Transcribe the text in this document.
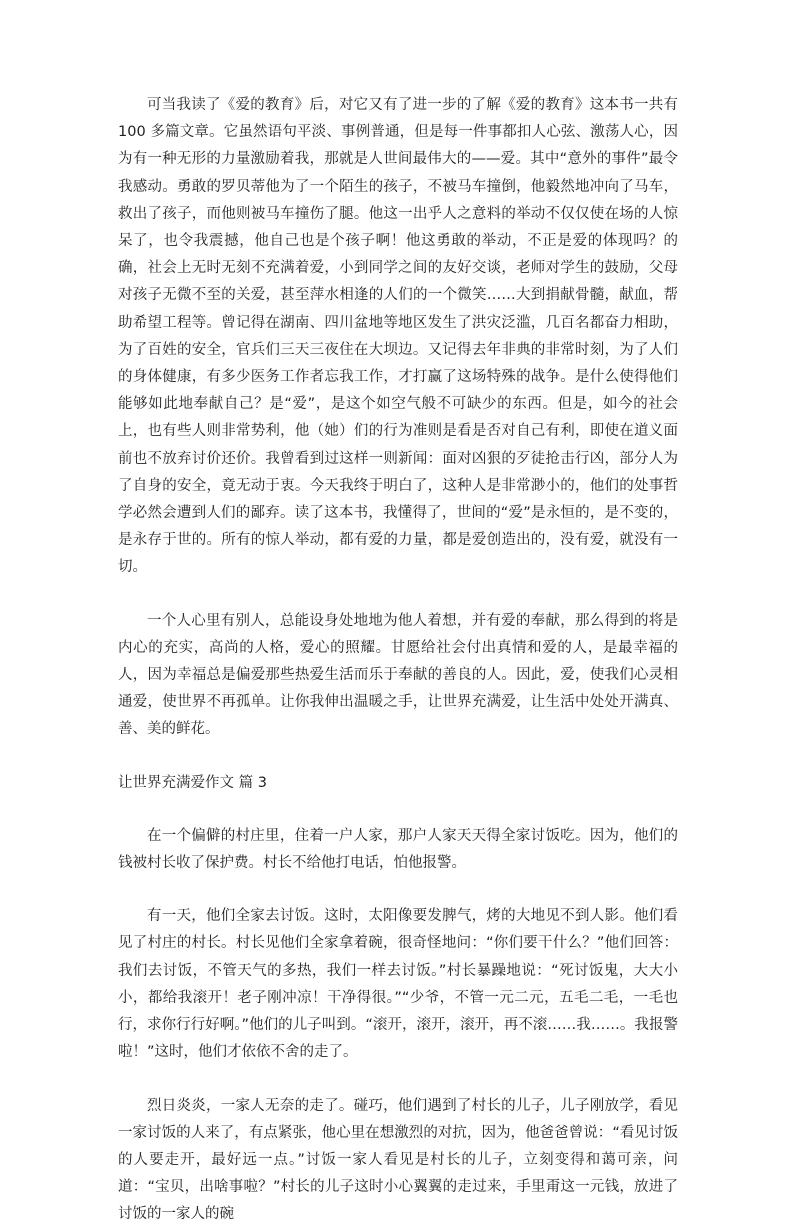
可当我读了《爱的教育》后，对它又有了进一步的了解《爱的教育》这本书一共有 100 多篇文章。它虽然语句平淡、事例普通，但是每一件事都扣人心弦、激荡人心，因为有一种无形的力量激励着我，那就是人世间最伟大的——爱。其中“意外的事件”最令我感动。勇敢的罗贝蒂他为了一个陌生的孩子，不被马车撞倒，他毅然地冲向了马车，救出了孩子，而他则被马车撞伤了腿。他这一出乎人之意料的举动不仅仅使在场的人惊呆了，也令我震撼，他自己也是个孩子啊！他这勇敢的举动，不正是爱的体现吗？的确，社会上无时无刻不充满着爱，小到同学之间的友好交谈，老师对学生的鼓励，父母对孩子无微不至的关爱，甚至萍水相逢的人们的一个微笑……大到捐献骨髓，献血，帮助希望工程等。曾记得在湖南、四川盆地等地区发生了洪灾泛滥，几百名都奋力相助，为了百姓的安全，官兵们三天三夜住在大坝边。又记得去年非典的非常时刻，为了人们的身体健康，有多少医务工作者忘我工作，才打赢了这场特殊的战争。是什么使得他们能够如此地奉献自己？是“爱”，是这个如空气般不可缺少的东西。但是，如今的社会上，也有些人则非常势利，他（她）们的行为准则是看是否对自己有利，即使在道义面前也不放弃讨价还价。我曾看到过这样一则新闻：面对凶狠的歹徒抢击行凶，部分人为了自身的安全，竟无动于衷。今天我终于明白了，这种人是非常渺小的，他们的处事哲学必然会遭到人们的鄙弃。读了这本书，我懂得了，世间的“爱”是永恒的，是不变的，是永存于世的。所有的惊人举动，都有爱的力量，都是爱创造出的，没有爱，就没有一切。

一个人心里有别人，总能设身处地地为他人着想，并有爱的奉献，那么得到的将是内心的充实，高尚的人格，爱心的照耀。甘愿给社会付出真情和爱的人，是最幸福的人，因为幸福总是偏爱那些热爱生活而乐于奉献的善良的人。因此，爱，使我们心灵相通爱，使世界不再孤单。让你我伸出温暖之手，让世界充满爱，让生活中处处开满真、善、美的鲜花。

让世界充满爱作文 篇 3

在一个偏僻的村庄里，住着一户人家，那户人家天天得全家讨饭吃。因为，他们的钱被村长收了保护费。村长不给他打电话，怕他报警。

有一天，他们全家去讨饭。这时，太阳像要发脾气，烤的大地见不到人影。他们看见了村庄的村长。村长见他们全家拿着碗，很奇怪地问：“你们要干什么？”他们回答：我们去讨饭，不管天气的多热，我们一样去讨饭。”村长暴躁地说：“死讨饭鬼，大大小小，都给我滚开！老子刚冲凉！干净得很。”“少爷，不管一元二元，五毛二毛，一毛也行，求你行行好啊。”他们的儿子叫到。“滚开，滚开，滚开，再不滚……我……。我报警啦！”这时，他们才依依不舍的走了。

烈日炎炎，一家人无奈的走了。碰巧，他们遇到了村长的儿子，儿子刚放学，看见一家讨饭的人来了，有点紧张，他心里在想激烈的对抗，因为，他爸爸曾说：“看见讨饭的人要走开，最好远一点。”讨饭一家人看见是村长的儿子，立刻变得和蔼可亲，问道：“宝贝，出啥事啦？”村长的儿子这时小心翼翼的走过来，手里甭这一元钱，放进了讨饭的一家人的碗
